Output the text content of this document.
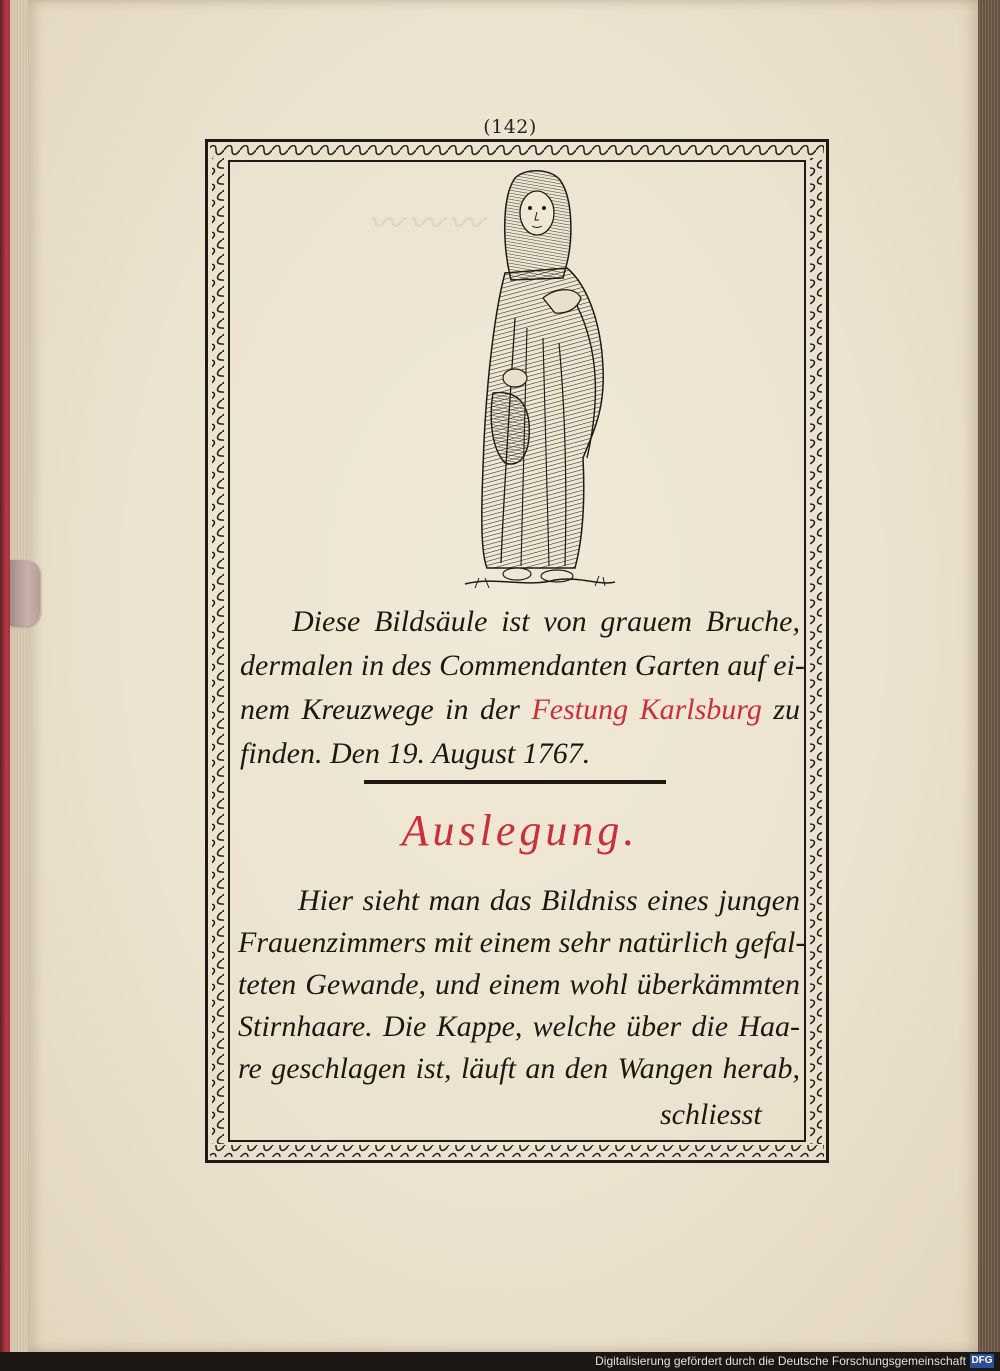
〰〰〰
(142)
Diese Bildsäule ist von grauem Bruche,
dermalen in des Commendanten Garten auf ei-
nem Kreuzwege in der Festung Karlsburg zu
finden. Den 19. August 1767.
Auslegung.
Hier sieht man das Bildniss eines jungen
Frauenzimmers mit einem sehr natürlich gefal-
teten Gewande, und einem wohl überkämmten
Stirnhaare. Die Kappe, welche über die Haa-
re geschlagen ist, läuft an den Wangen herab,
schliesst
Digitalisierung gefördert durch die Deutsche Forschungsgemeinschaft DFG
